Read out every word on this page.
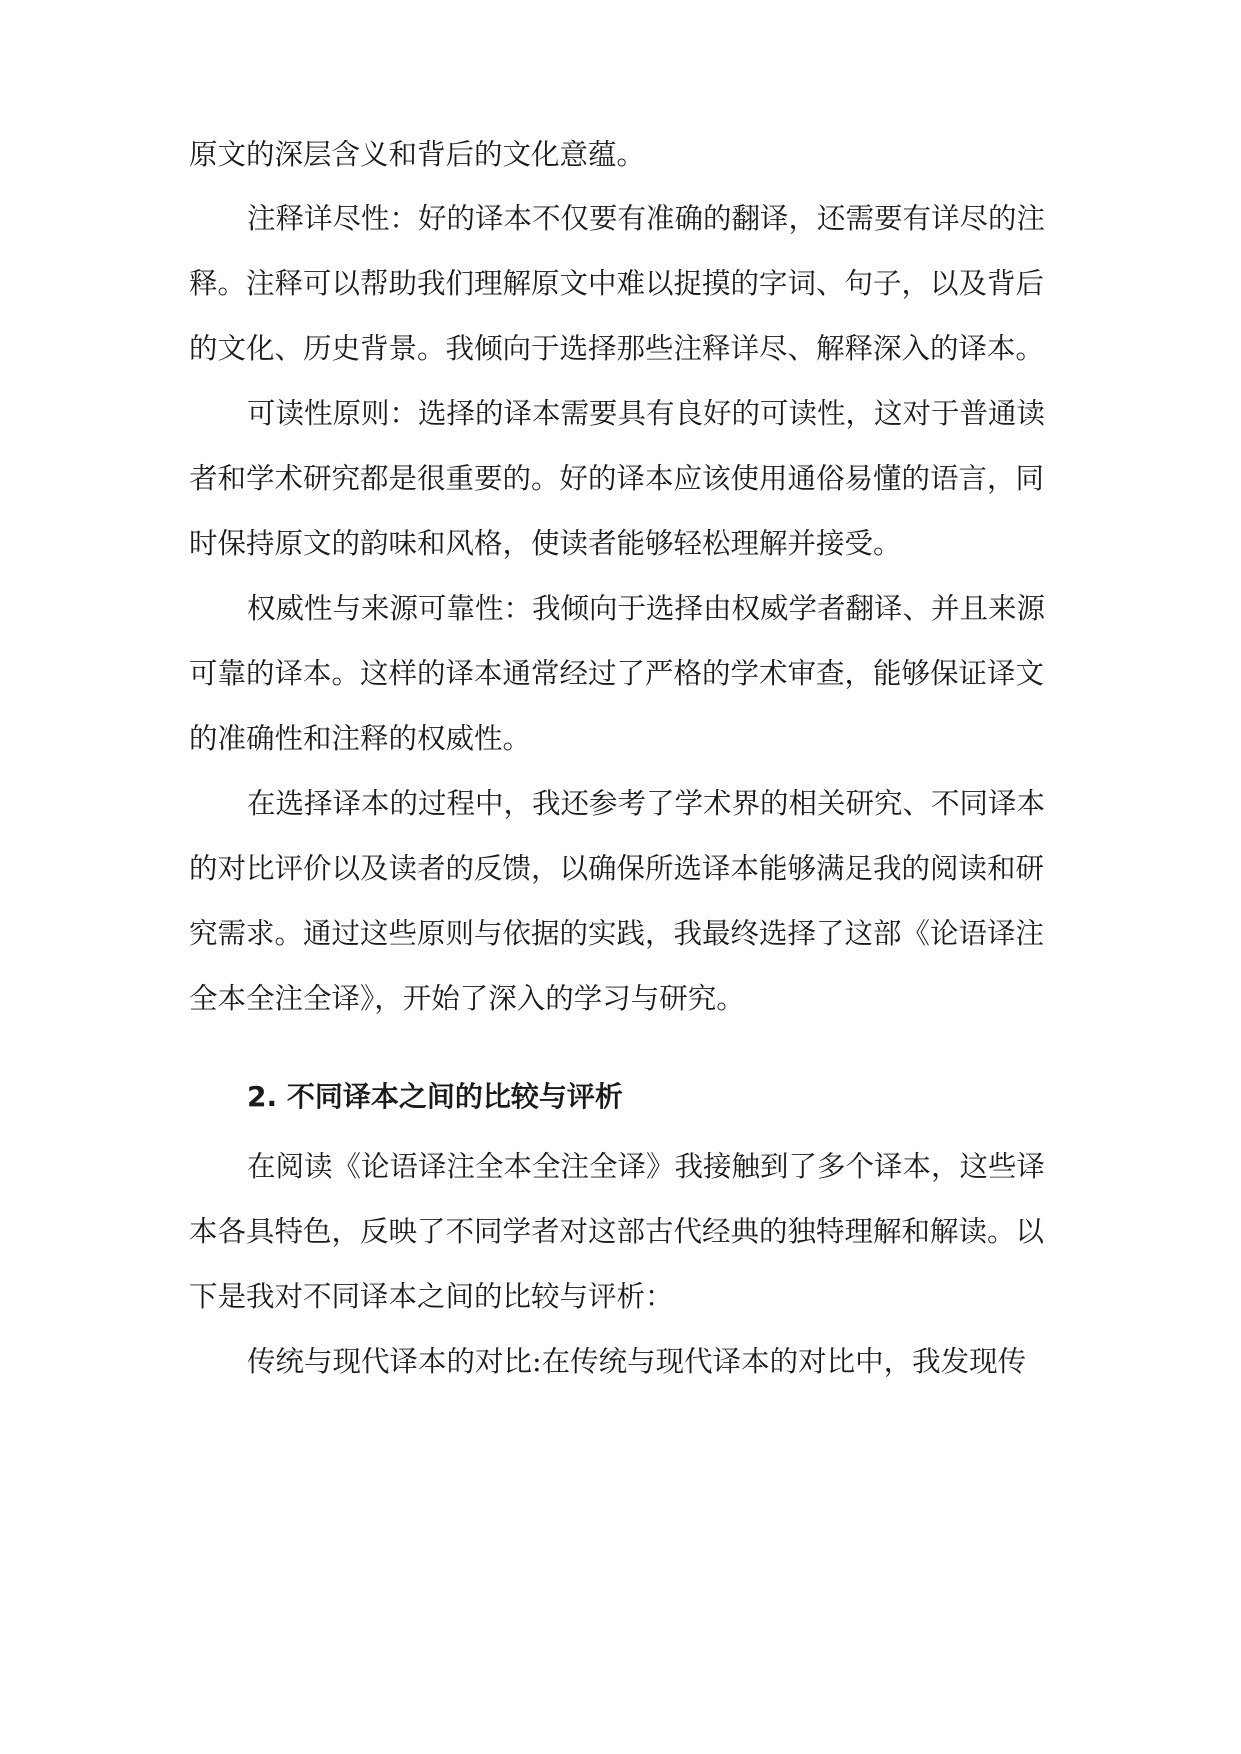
原文的深层含义和背后的文化意蕴。
注释详尽性：好的译本不仅要有准确的翻译，还需要有详尽的注
释。注释可以帮助我们理解原文中难以捉摸的字词、句子，以及背后
的文化、历史背景。我倾向于选择那些注释详尽、解释深入的译本。
可读性原则：选择的译本需要具有良好的可读性，这对于普通读
者和学术研究都是很重要的。好的译本应该使用通俗易懂的语言，同
时保持原文的韵味和风格，使读者能够轻松理解并接受。
权威性与来源可靠性：我倾向于选择由权威学者翻译、并且来源
可靠的译本。这样的译本通常经过了严格的学术审查，能够保证译文
的准确性和注释的权威性。
在选择译本的过程中，我还参考了学术界的相关研究、不同译本
的对比评价以及读者的反馈，以确保所选译本能够满足我的阅读和研
究需求。通过这些原则与依据的实践，我最终选择了这部《论语译注
全本全注全译》，开始了深入的学习与研究。
2. 不同译本之间的比较与评析
在阅读《论语译注全本全注全译》我接触到了多个译本，这些译
本各具特色，反映了不同学者对这部古代经典的独特理解和解读。以
下是我对不同译本之间的比较与评析：
传统与现代译本的对比:在传统与现代译本的对比中，我发现传
